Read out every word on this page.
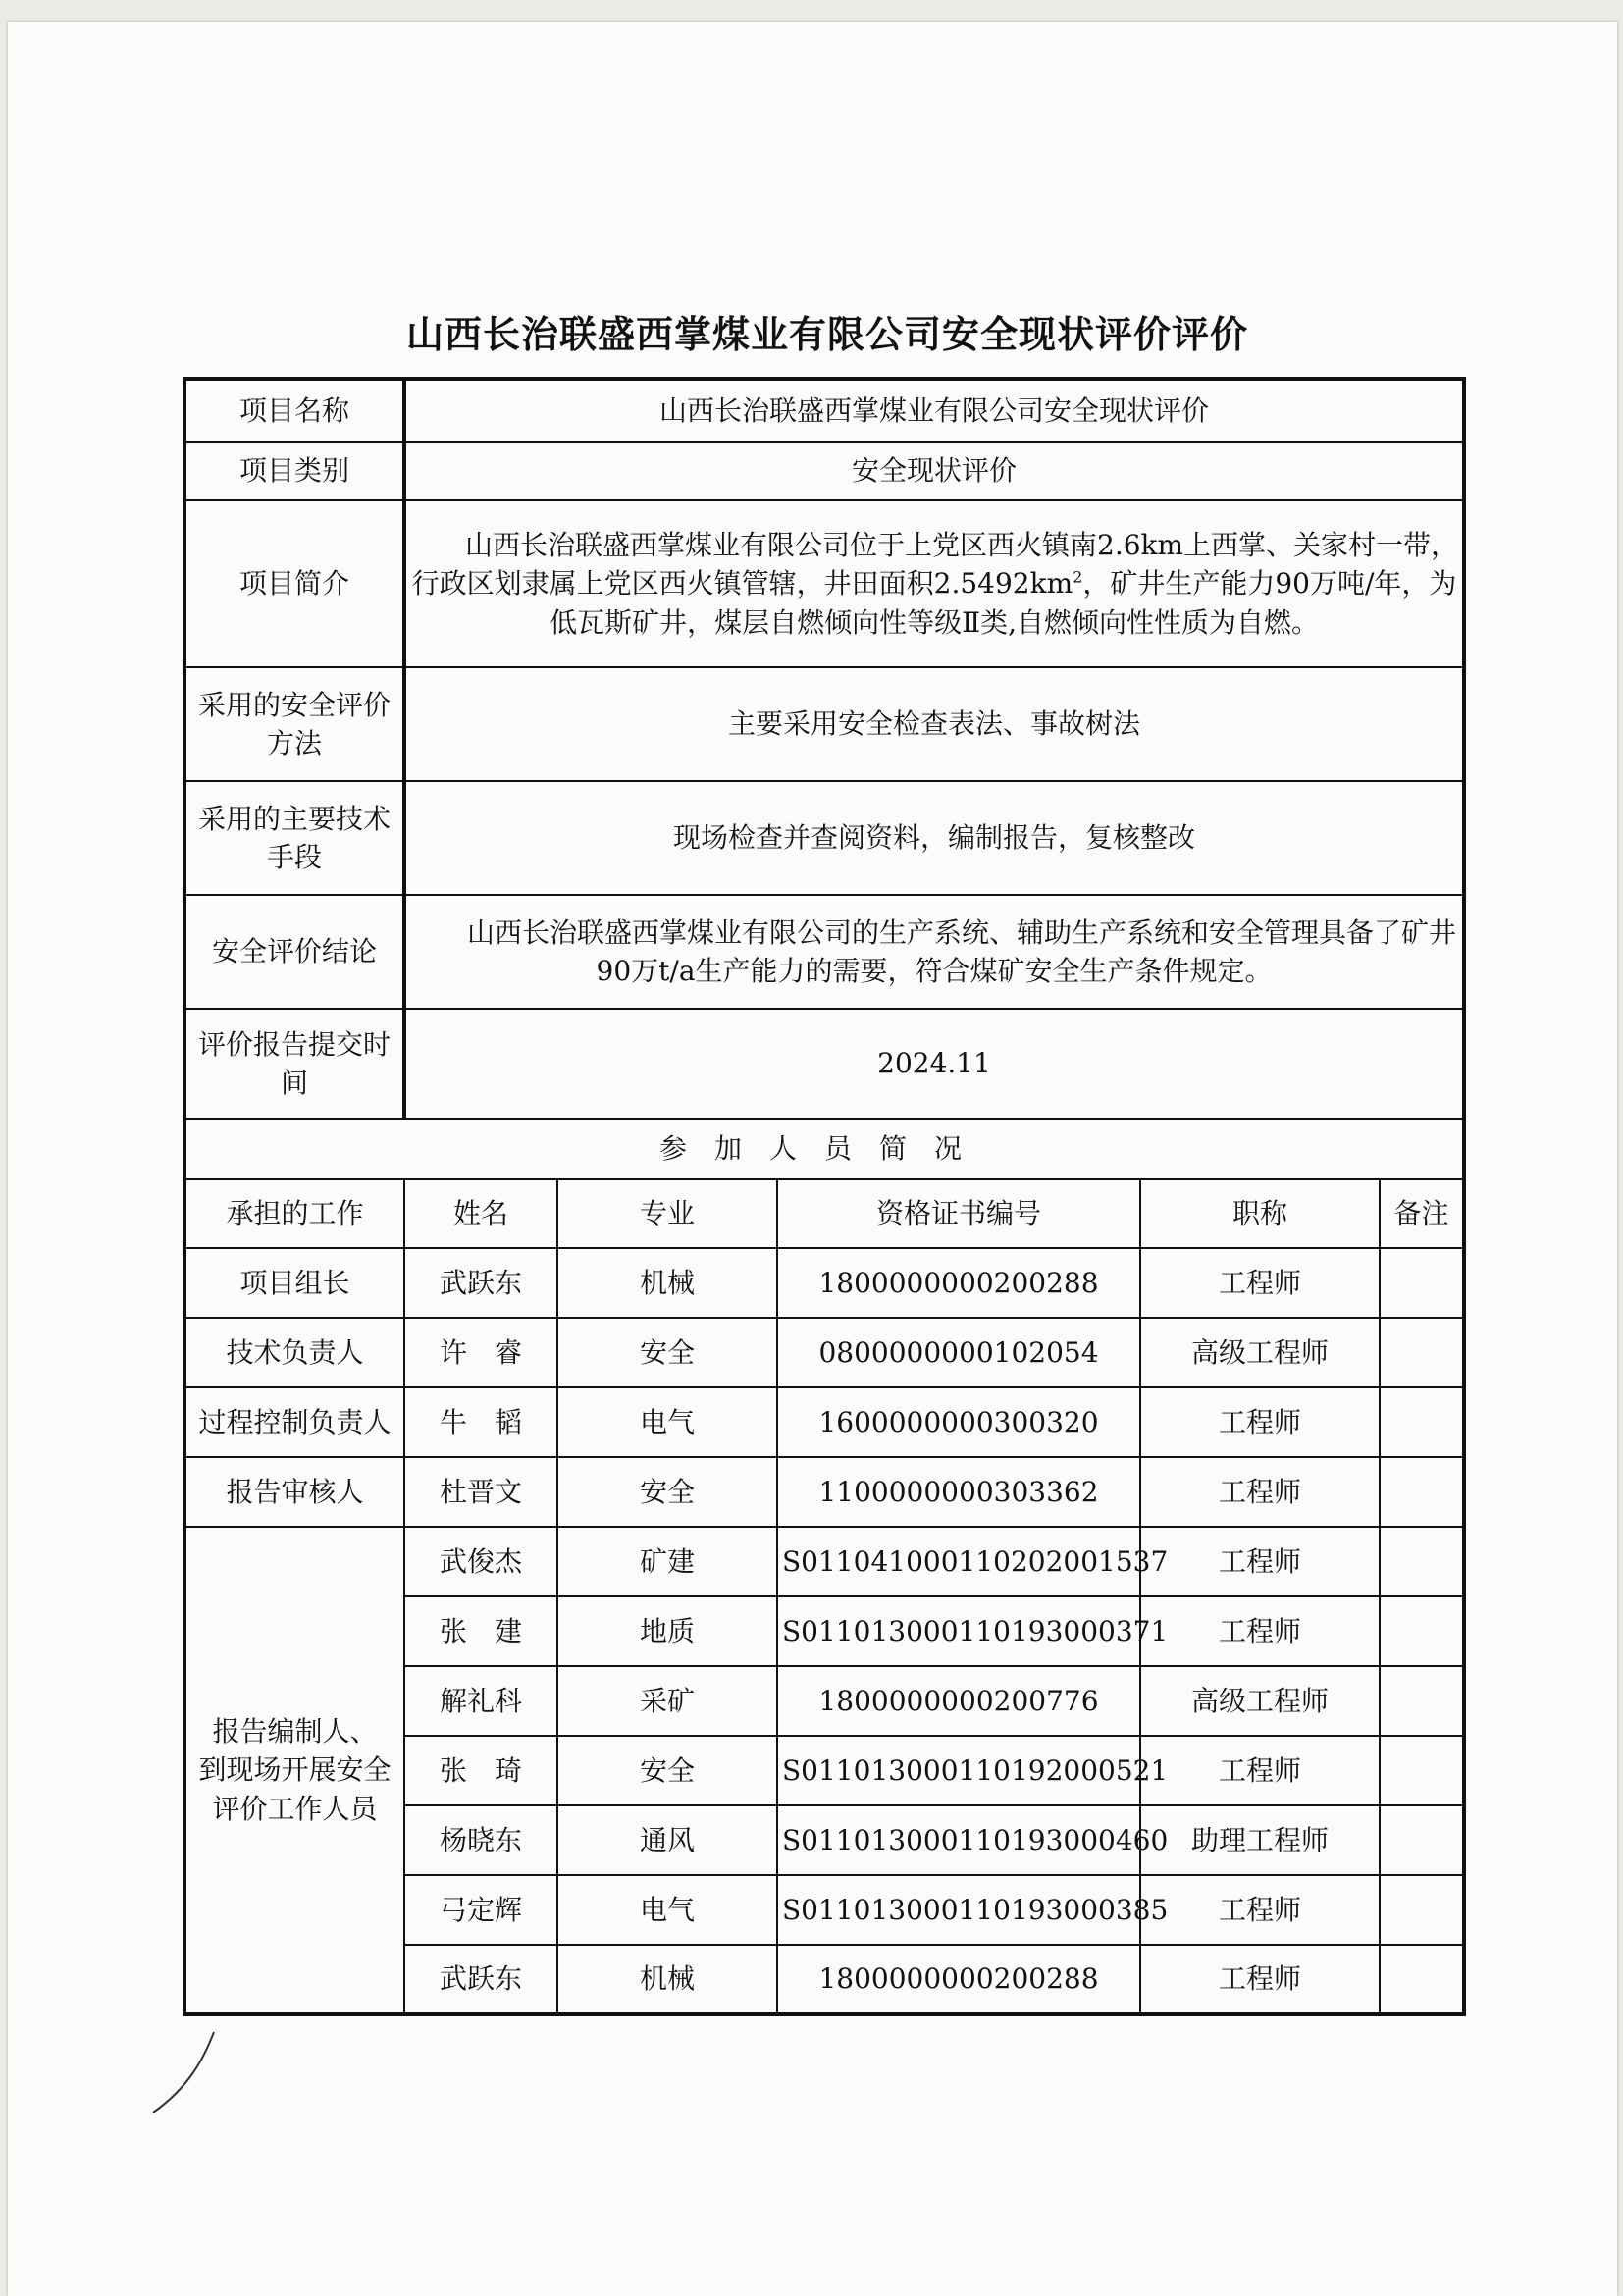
山西长治联盛西掌煤业有限公司安全现状评价评价
项目名称	山西长治联盛西掌煤业有限公司安全现状评价				
项目类别	安全现状评价				
项目简介	山西长治联盛西掌煤业有限公司位于上党区西火镇南2.6km上西掌、关家村一带，行政区划隶属上党区西火镇管辖，井田面积$2.5492km^2$，矿井生产能力90万吨/年，为低瓦斯矿井，煤层自燃倾向性等级Ⅱ类,自燃倾向性性质为自燃。				

采用的安全评价
方法	主要采用安全检查表法、事故树法				

采用的主要技术
手段	现场检查并查阅资料，编制报告，复核整改				
安全评价结论	山西长治联盛西掌煤业有限公司的生产系统、辅助生产系统和安全管理具备了矿井90万t/a生产能力的需要，符合煤矿安全生产条件规定。				

评价报告提交时
间	2024.11				
参加人员简况					
承担的工作	姓名	专业	资格证书编号	职称	备注
项目组长	武跃东	机械	1800000000200288	工程师	
技术负责人	许　睿	安全	0800000000102054	高级工程师	
过程控制负责人	牛　韬	电气	1600000000300320	工程师	
报告审核人	杜晋文	安全	1100000000303362	工程师	

报告编制人、
到现场开展安全
评价工作人员	武俊杰	矿建	S011041000110202001537	工程师	
	张　建	地质	S011013000110193000371	工程师	
	解礼科	采矿	1800000000200776	高级工程师	
	张　琦	安全	S011013000110192000521	工程师	
	杨晓东	通风	S011013000110193000460	助理工程师	
	弓定辉	电气	S011013000110193000385	工程师	
	武跃东	机械	1800000000200288	工程师	
